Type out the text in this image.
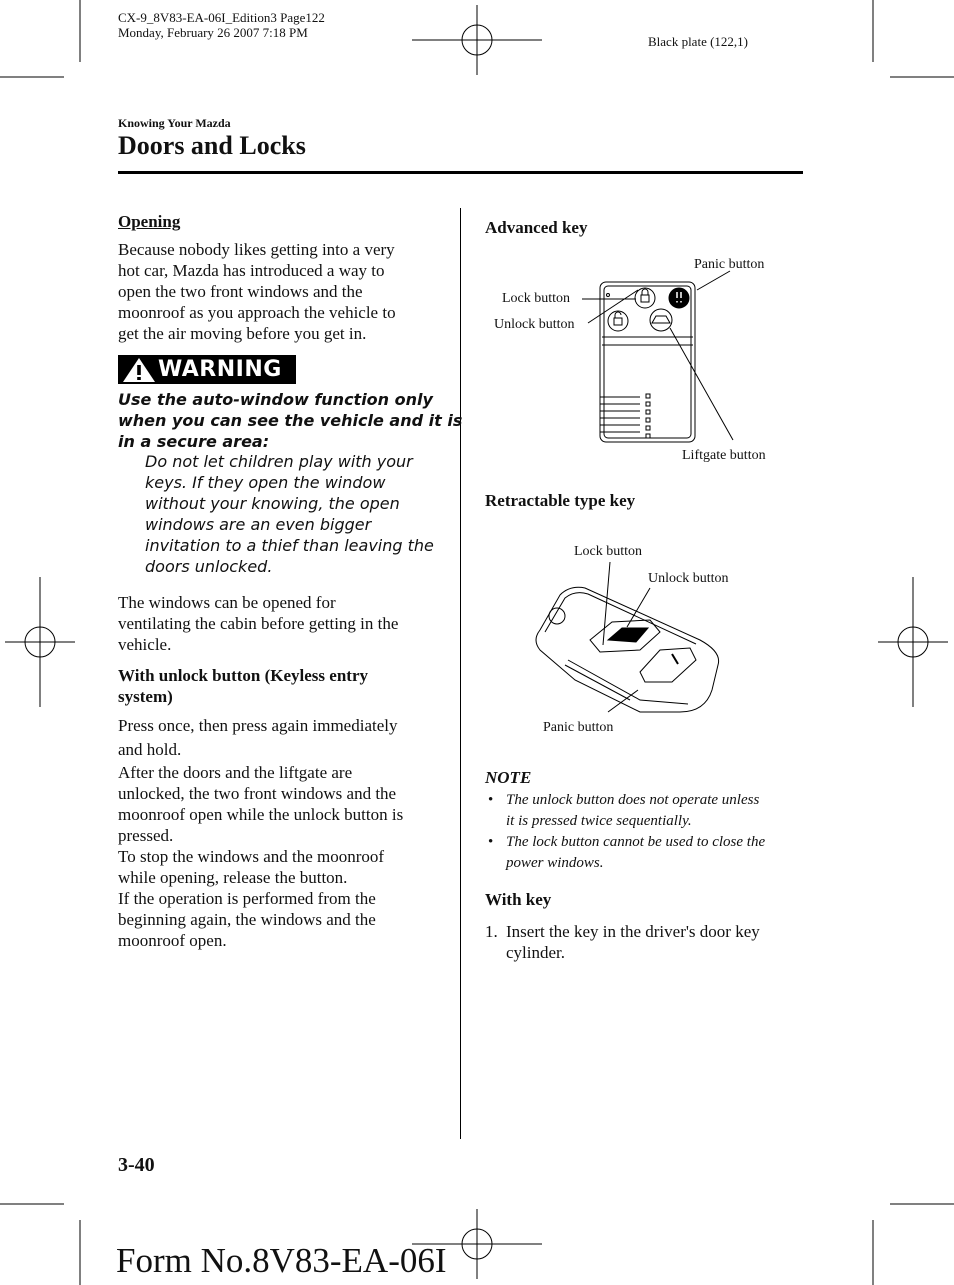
CX-9_8V83-EA-06I_Edition3 Page122
Monday, February 26 2007 7:18 PM
Black plate (122,1)
Knowing Your Mazda
Doors and Locks
Opening
Because nobody likes getting into a very
hot car, Mazda has introduced a way to
open the two front windows and the
moonroof as you approach the vehicle to
get the air moving before you get in.
WARNING
Use the auto-window function only
when you can see the vehicle and it is
in a secure area:
Do not let children play with your
keys. If they open the window
without your knowing, the open
windows are an even bigger
invitation to a thief than leaving the
doors unlocked.
The windows can be opened for
ventilating the cabin before getting in the
vehicle.
With unlock button (Keyless entry
system)
Press once, then press again immediately
and hold.
After the doors and the liftgate are
unlocked, the two front windows and the
moonroof open while the unlock button is
pressed.
To stop the windows and the moonroof
while opening, release the button.
If the operation is performed from the
beginning again, the windows and the
moonroof open.
Advanced key
Panic button
Lock button
Unlock button
Liftgate button
Retractable type key
Lock button
Unlock button
Panic button
NOTE
• The unlock button does not operate unless
it is pressed twice sequentially.
• The lock button cannot be used to close the
power windows.
With key
1. Insert the key in the driver's door key
cylinder.
3-40
Form No.8V83-EA-06I
